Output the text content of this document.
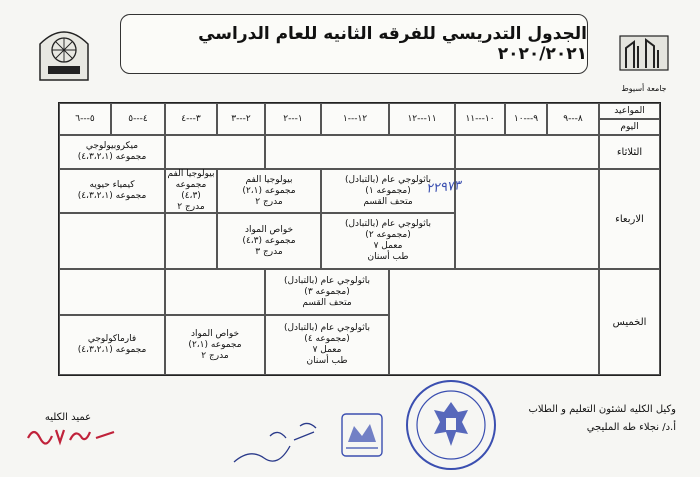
جامعة أسيوط
الجدول التدريسي للفرقه الثانيه للعام الدراسي ٢٠٢٠/٢٠٢١
المواعيد
اليوم
٨---٩
٩---١٠
١٠---١١
١١---١٢
١٢---١
١---٢
٢---٣
٣---٤
٤---٥
٥---٦
الثلاثاء
ميكروبيولوجي
مجموعه (٤،٣،٢،١)
الاربعاء
باثولوجي عام (بالتبادل)
(مجموعه ١)
متحف القسم
باثولوجي عام (بالتبادل)
(مجموعه ٢)
معمل ٧
طب أسنان
بيولوجيا الفم
مجموعه (٢،١)
مدرج ٢
خواص المواد
مجموعه (٤،٣)
مدرج ٣
بيولوجيا الفم
مجموعه (٤،٣)
مدرج ٢
كيمياء حيويه
مجموعه (٤،٣،٢،١)
الخميس
باثولوجي عام (بالتبادل)
(مجموعه ٣)
متحف القسم
باثولوجي عام (بالتبادل)
(مجموعه ٤)
معمل ٧
طب أسنان
خواص المواد
مجموعه (٢،١)
مدرج ٢
فارماكولوجي
مجموعه (٤،٣،٢،١)
٢٢٩٧٣
وكيل الكليه لشئون التعليم و الطلاب
أ.د/ نجلاء طه المليجي
عميد الكليه
